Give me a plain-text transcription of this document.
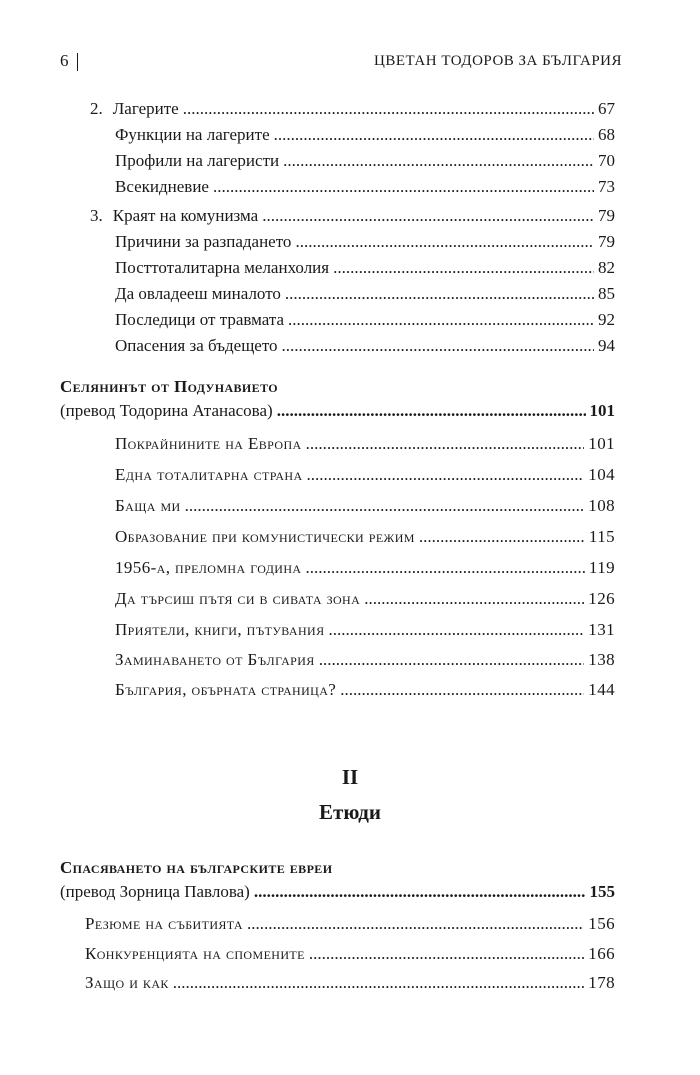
6	ЦВЕТАН ТОДОРОВ ЗА БЪЛГАРИЯ
2. Лагерите .....	67
Функции на лагерите .....	68
Профили на лагеристи .....	70
Всекидневие .....	73
3. Краят на комунизма .....	79
Причини за разпадането .....	79
Посттоталитарна меланхолия .....	82
Да овладееш миналото .....	85
Последици от травмата .....	92
Опасения за бъдещето .....	94
Селянинът от Подунавието
(превод Тодорина Атанасова) .....	101
Покрайнините на Европа .....	101
Една тоталитарна страна .....	104
Баща ми .....	108
Образование при комунистически режим .....	115
1956-а, преломна година .....	119
Да търсиш пътя си в сивата зона .....	126
Приятели, книги, пътувания .....	131
Заминаването от България .....	138
България, обърната страница? .....	144
II
Етюди
Спасяването на българските евреи
(превод Зорница Павлова) .....	155
Резюме на събитията .....	156
Конкуренцията на спомените .....	166
Защо и как .....	178
